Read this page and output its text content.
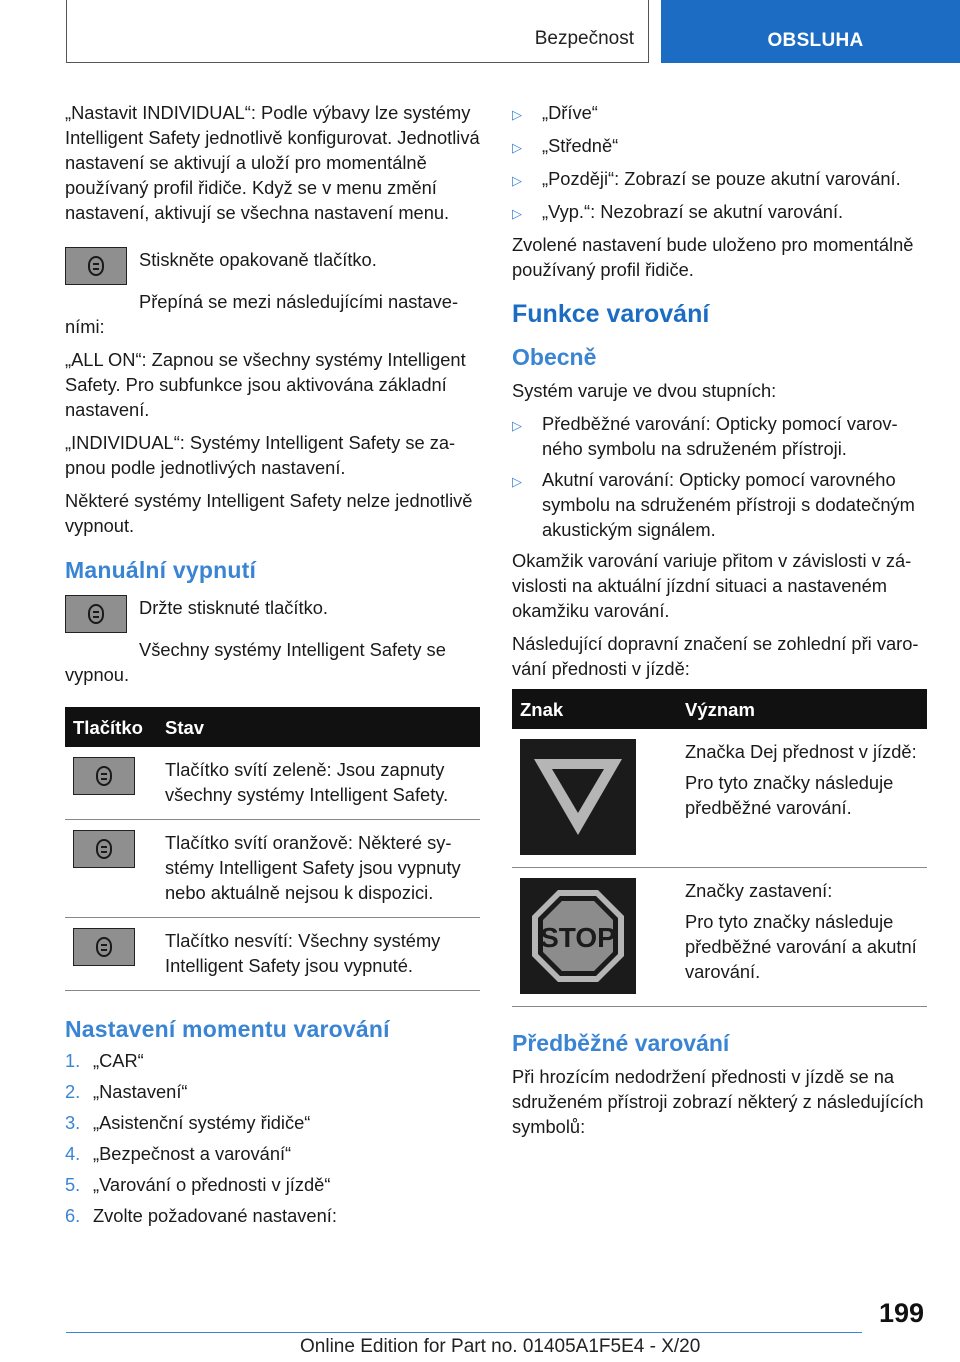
Bezpečnost	OBSLUHA

„Nastavit INDIVIDUAL“: Podle výbavy lze systémy Intelligent Safety jednotlivě konfigurovat. Jednotlivá nastavení se aktivují a uloží pro momentálně používaný profil řidiče. Když se v menu změní nastavení, aktivují se všechna nastavení menu.

Stiskněte opakovaně tlačítko.

Přepíná se mezi následujícími nastaveními:

„ALL ON“: Zapnou se všechny systémy Intelligent Safety. Pro subfunkce jsou aktivována základní nastavení.

„INDIVIDUAL“: Systémy Intelligent Safety se zapnou podle jednotlivých nastavení.

Některé systémy Intelligent Safety nelze jednotlivě vypnout.

Manuální vypnutí
Držte stisknuté tlačítko.

Všechny systémy Intelligent Safety se vypnou.

Tlačítko	Stav

	Tlačítko svítí zeleně: Jsou zapnuty všechny systémy Intelligent Safety.

	Tlačítko svítí oranžově: Některé systémy Intelligent Safety jsou vypnuty nebo aktuálně nejsou k dispozici.

	Tlačítko nesvítí: Všechny systémy Intelligent Safety jsou vypnuté.
Nastavení momentu varování
1. „CAR“
2. „Nastavení“
3. „Asistenční systémy řidiče“
4. „Bezpečnost a varování“
5. „Varování o přednosti v jízdě“
6. Zvolte požadované nastavení:
▷	„Dříve“
▷	„Středně“
▷	„Později“: Zobrazí se pouze akutní varování.
▷	„Vyp.“: Nezobrazí se akutní varování.

Zvolené nastavení bude uloženo pro momentálně používaný profil řidiče.

Funkce varování
Obecně

Systém varuje ve dvou stupních:

▷	Předběžné varování: Opticky pomocí varovného symbolu na sdruženém přístroji.
▷	Akutní varování: Opticky pomocí varovného symbolu na sdruženém přístroji s dodatečným akustickým signálem.

Okamžik varování variuje přitom v závislosti v závislosti na aktuální jízdní situaci a nastaveném okamžiku varování.

Následující dopravní značení se zohlední při varování přednosti v jízdě:

Znak	Význam

Značka Dej přednost v jízdě:

Pro tyto značky následuje předběžné varování.

STOP	Značky zastavení:

Pro tyto značky následuje předběžné varování a akutní varování.

Předběžné varování

Při hrozícím nedodržení přednosti v jízdě se na sdruženém přístroji zobrazí některý z následujících symbolů:

199
Online Edition for Part no. 01405A1F5E4 - X/20
